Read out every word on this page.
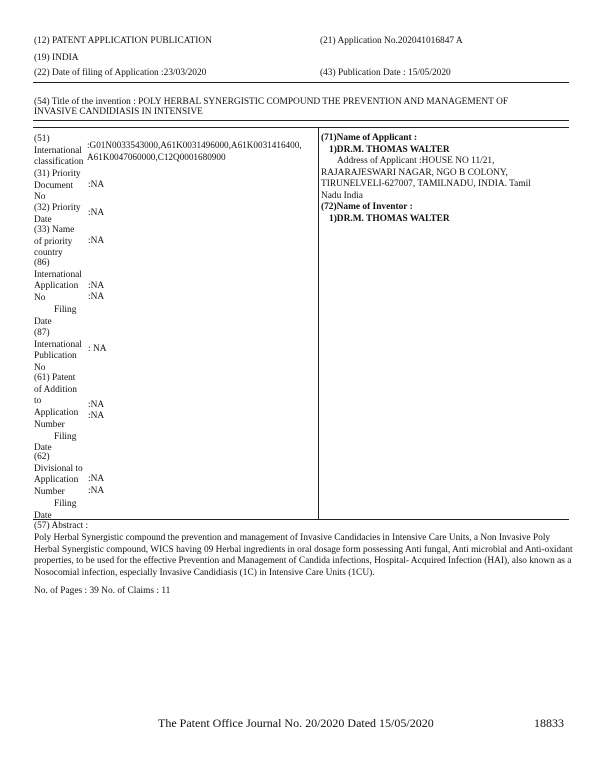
(12) PATENT APPLICATION PUBLICATION
(19) INDIA
(22) Date of filing of Application :23/03/2020
(21) Application No.202041016847 A
(43) Publication Date : 15/05/2020
(54) Title of the invention : POLY HERBAL SYNERGISTIC COMPOUND THE PREVENTION AND MANAGEMENT OF
INVASIVE CANDIDIASIS IN INTENSIVE
(51)
International
classification
:G01N0033543000,A61K0031496000,A61K0031416400,
A61K0047060000,C12Q0001680900
(31) Priority
Document
No
:NA
(32) Priority
Date
:NA
(33) Name
of priority
country
:NA
(86)
International
Application
No
Filing
Date
:NA
:NA
(87)
International
Publication
No
: NA
(61) Patent
of Addition
to
Application
Number
Filing
Date
:NA
:NA
(62)
Divisional to
Application
Number
Filing
Date
:NA
:NA
(71)Name of Applicant :
1)DR.M. THOMAS WALTER
Address of Applicant :HOUSE NO 11/21,
RAJARAJESWARI NAGAR, NGO B COLONY,
TIRUNELVELI-627007, TAMILNADU, INDIA. Tamil
Nadu India
(72)Name of Inventor :
1)DR.M. THOMAS WALTER
(57) Abstract :
Poly Herbal Synergistic compound the prevention and management of Invasive Candidacies in Intensive Care Units, a Non Invasive Poly Herbal Synergistic compound, WICS having 09 Herbal ingredients in oral dosage form possessing Anti fungal, Anti microbial and Anti-oxidant properties, to be used for the effective Prevention and Management of Candida infections, Hospital- Acquired Infection (HAI), also known as a Nosocomial infection, especially Invasive Candidiasis (1C) in Intensive Care Units (1CU).
No. of Pages : 39 No. of Claims : 11
The Patent Office Journal No. 20/2020 Dated 15/05/2020	18833
